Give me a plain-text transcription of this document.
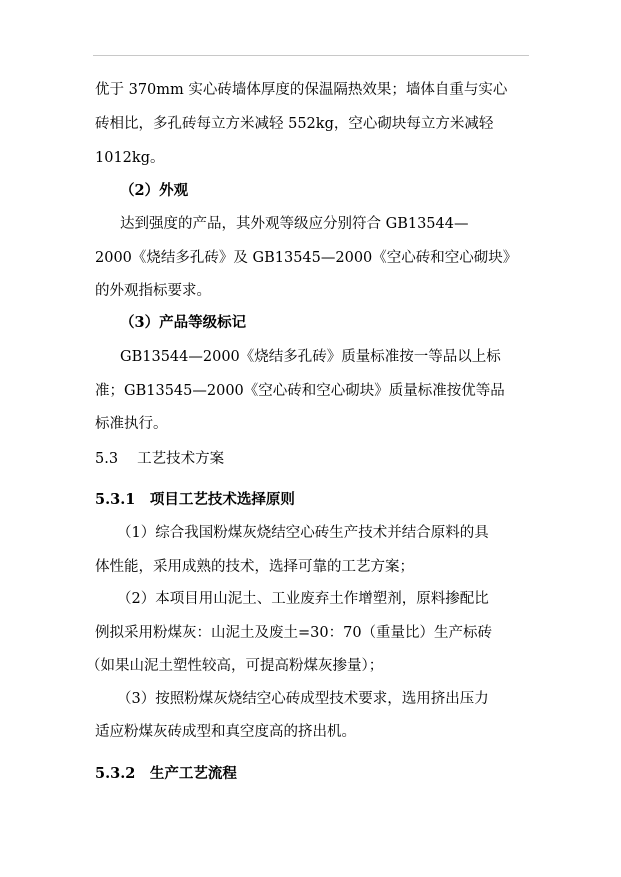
优于 370mm 实心砖墙体厚度的保温隔热效果；墙体自重与实心
砖相比，多孔砖每立方米减轻 552kg，空心砌块每立方米减轻
1012kg。
（2）外观
达到强度的产品，其外观等级应分别符合 GB13544—
2000《烧结多孔砖》及 GB13545—2000《空心砖和空心砌块》
的外观指标要求。
（3）产品等级标记
GB13544—2000《烧结多孔砖》质量标准按一等品以上标
准；GB13545—2000《空心砖和空心砌块》质量标准按优等品
标准执行。
5.3　 工艺技术方案
5.3.1　项目工艺技术选择原则
（1）综合我国粉煤灰烧结空心砖生产技术并结合原料的具
体性能，采用成熟的技术，选择可靠的工艺方案；
（2）本项目用山泥土、工业废弃土作增塑剂，原料掺配比
例拟采用粉煤灰：山泥土及废土=30：70（重量比）生产标砖
（如果山泥土塑性较高，可提高粉煤灰掺量）；
（3）按照粉煤灰烧结空心砖成型技术要求，选用挤出压力
适应粉煤灰砖成型和真空度高的挤出机。
5.3.2　生产工艺流程
